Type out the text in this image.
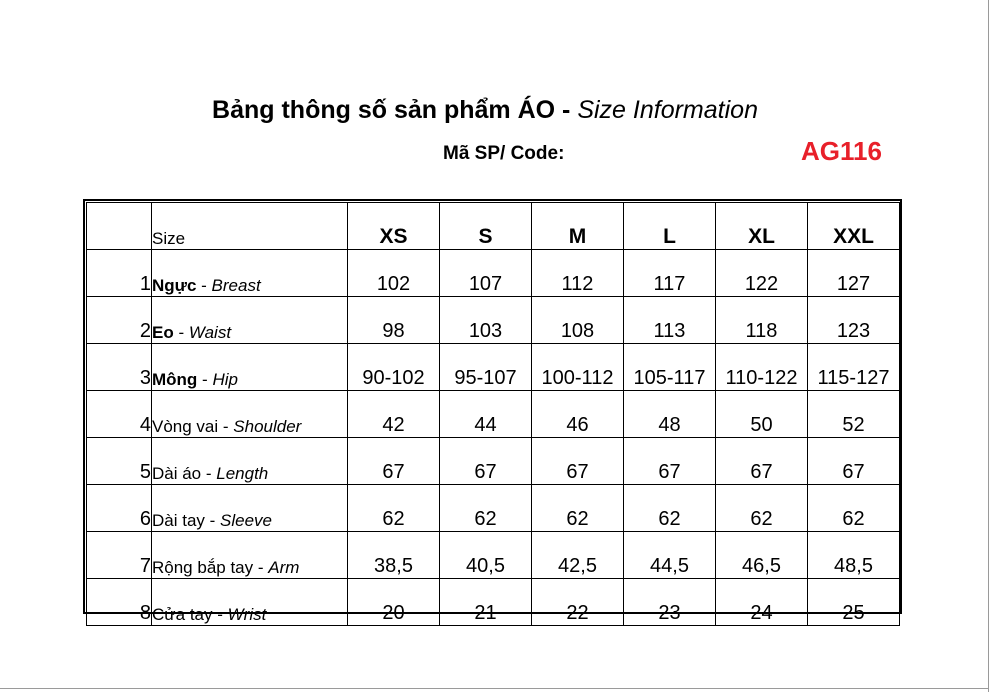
Bảng thông số sản phẩm ÁO - Size Information
Mã SP/ Code:	AG116
	Size	XS	S	M	L	XL	XXL
1	Ngực - Breast	102	107	112	117	122	127
2	Eo - Waist	98	103	108	113	118	123
3	Mông - Hip	90-102	95-107	100-112	105-117	110-122	115-127
4	Vòng vai - Shoulder	42	44	46	48	50	52
5	Dài áo - Length	67	67	67	67	67	67
6	Dài tay - Sleeve	62	62	62	62	62	62
7	Rộng bắp tay - Arm	38,5	40,5	42,5	44,5	46,5	48,5
8	Cửa tay - Wrist	20	21	22	23	24	25
